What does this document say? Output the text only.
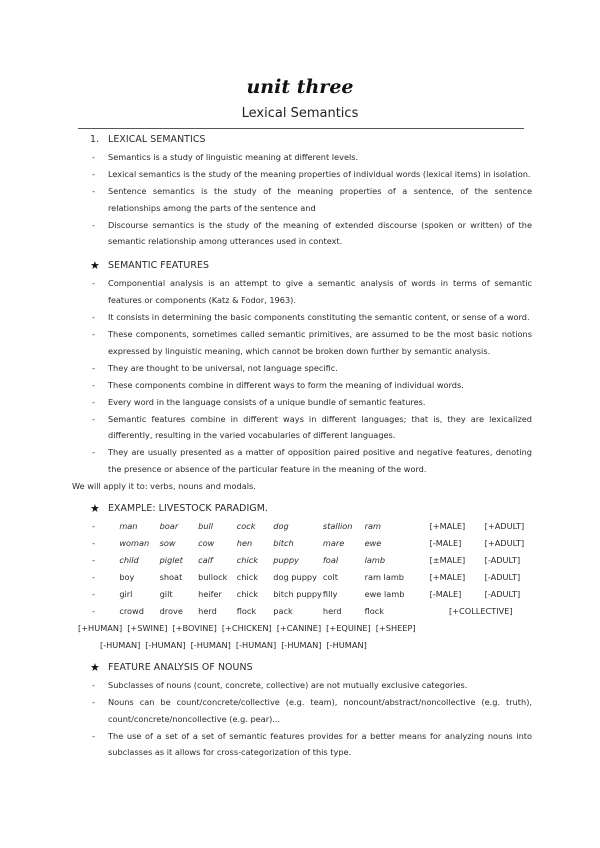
unit three
Lexical Semantics
1. LEXICAL SEMANTICS
- Semantics is a study of linguistic meaning at different levels.
- Lexical semantics is the study of the meaning properties of individual words (lexical items) in isolation.
- Sentence semantics is the study of the meaning properties of a sentence, of the sentence relationships among the parts of the sentence and
- Discourse semantics is the study of the meaning of extended discourse (spoken or written) of the semantic relationship among utterances used in context.
★ SEMANTIC FEATURES
- Componential analysis is an attempt to give a semantic analysis of words in terms of semantic features or components (Katz & Fodor, 1963).
- It consists in determining the basic components constituting the semantic content, or sense of a word.
- These components, sometimes called semantic primitives, are assumed to be the most basic notions expressed by linguistic meaning, which cannot be broken down further by semantic analysis.
- They are thought to be universal, not language specific.
- These components combine in different ways to form the meaning of individual words.
- Every word in the language consists of a unique bundle of semantic features.
- Semantic features combine in different ways in different languages; that is, they are lexicalized differently, resulting in the varied vocabularies of different languages.
- They are usually presented as a matter of opposition paired positive and negative features, denoting the presence or absence of the particular feature in the meaning of the word.
We will apply it to: verbs, nouns and modals.
★ EXAMPLE: LIVESTOCK PARADIGM.
-	man	boar	bull	cock	dog	stallion	ram	[+MALE]	[+ADULT]
-	woman	sow	cow	hen	bitch	mare	ewe	[-MALE]	[+ADULT]
-	child	piglet	calf	chick	puppy	foal	lamb	[±MALE]	[-ADULT]
-	boy	shoat	bullock	chick	dog puppy	colt	ram lamb	[+MALE]	[-ADULT]
-	girl	gilt	heifer	chick	bitch puppy	filly	ewe lamb	[-MALE]	[-ADULT]
-	crowd	drove	herd	flock	pack	herd	flock	[+COLLECTIVE]	
[+HUMAN] [+SWINE] [+BOVINE] [+CHICKEN] [+CANINE] [+EQUINE] [+SHEEP]
[-HUMAN] [-HUMAN] [-HUMAN] [-HUMAN] [-HUMAN] [-HUMAN]
★ FEATURE ANALYSIS OF NOUNS
- Subclasses of nouns (count, concrete, collective) are not mutually exclusive categories.
- Nouns can be count/concrete/collective (e.g. team), noncount/abstract/noncollective (e.g. truth), count/concrete/noncollective (e.g. pear)...
- The use of a set of a set of semantic features provides for a better means for analyzing nouns into subclasses as it allows for cross-categorization of this type.
